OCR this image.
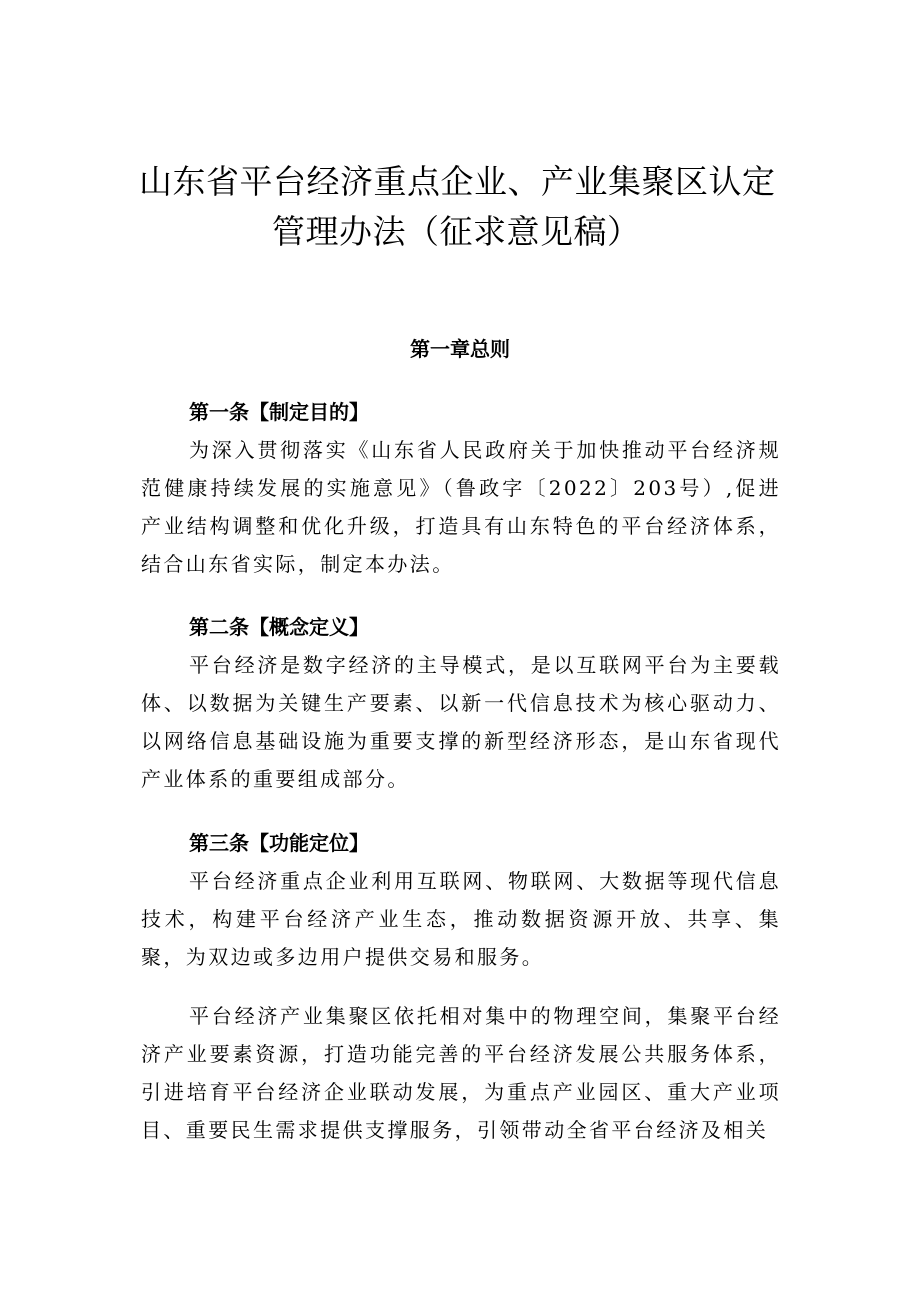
山东省平台经济重点企业、产业集聚区认定
管理办法（征求意见稿）
第一章总则

第一条【制定目的】

为深入贯彻落实《山东省人民政府关于加快推动平台经济规范健康持续发展的实施意见》（鲁政字〔2022〕203号）,促进产业结构调整和优化升级，打造具有山东特色的平台经济体系，结合山东省实际，制定本办法。

第二条【概念定义】

平台经济是数字经济的主导模式，是以互联网平台为主要载体、以数据为关键生产要素、以新一代信息技术为核心驱动力、以网络信息基础设施为重要支撑的新型经济形态，是山东省现代产业体系的重要组成部分。

第三条【功能定位】

平台经济重点企业利用互联网、物联网、大数据等现代信息技术，构建平台经济产业生态，推动数据资源开放、共享、集聚，为双边或多边用户提供交易和服务。

平台经济产业集聚区依托相对集中的物理空间，集聚平台经济产业要素资源，打造功能完善的平台经济发展公共服务体系，引进培育平台经济企业联动发展，为重点产业园区、重大产业项目、重要民生需求提供支撑服务，引领带动全省平台经济及相关
